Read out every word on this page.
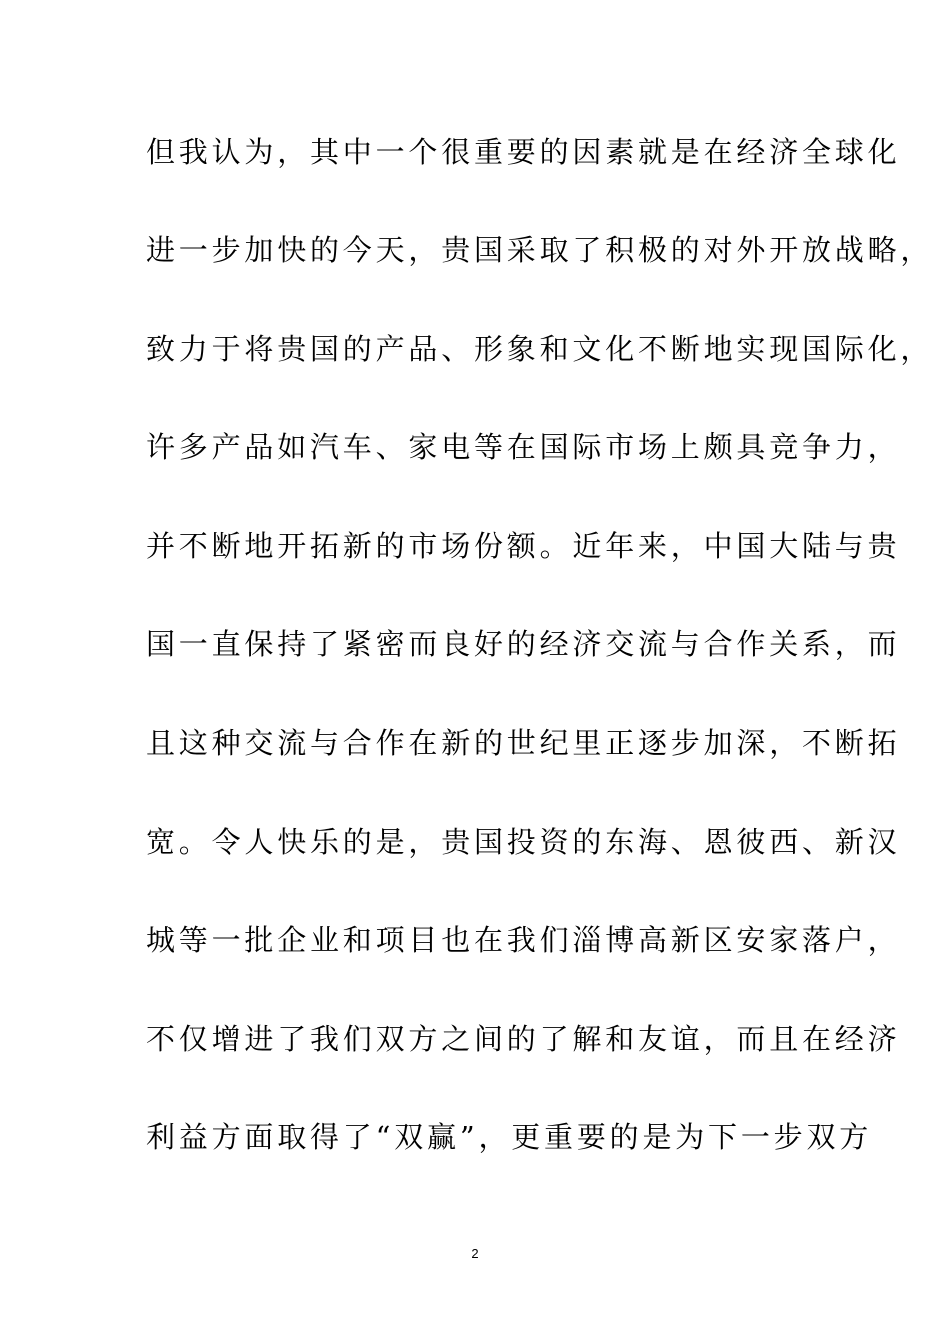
但我认为，其中一个很重要的因素就是在经济全球化
进一步加快的今天，贵国采取了积极的对外开放战略，
致力于将贵国的产品、形象和文化不断地实现国际化，
许多产品如汽车、家电等在国际市场上颇具竞争力，
并不断地开拓新的市场份额。近年来，中国大陆与贵
国一直保持了紧密而良好的经济交流与合作关系，而
且这种交流与合作在新的世纪里正逐步加深，不断拓
宽。令人快乐的是，贵国投资的东海、恩彼西、新汉
城等一批企业和项目也在我们淄博高新区安家落户，
不仅增进了我们双方之间的了解和友谊，而且在经济
利益方面取得了“双赢”，更重要的是为下一步双方
2
